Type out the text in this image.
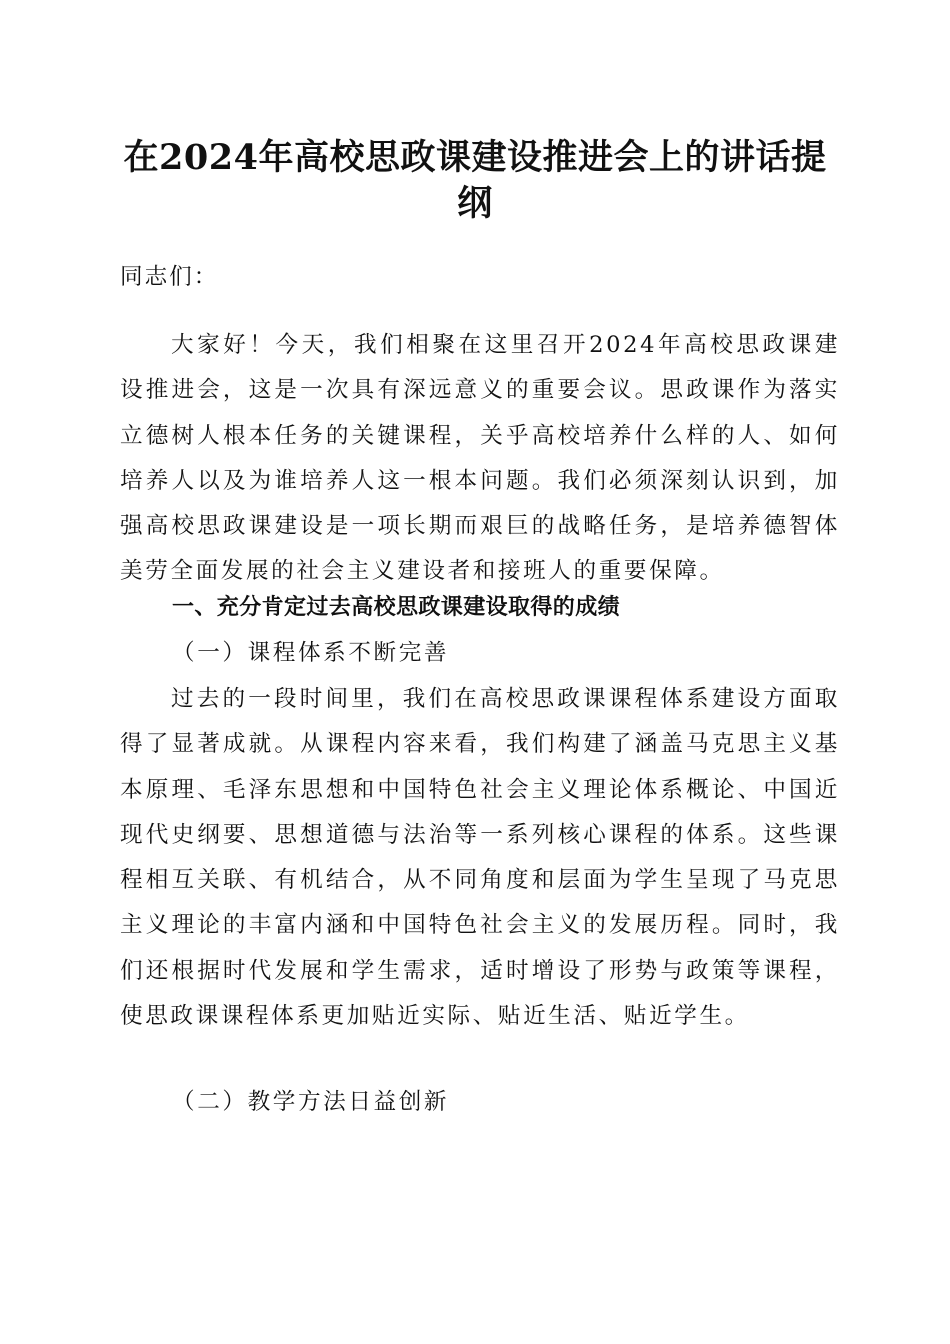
在2024年高校思政课建设推进会上的讲话提纲

同志们：

大家好！今天，我们相聚在这里召开2024年高校思政课建设推进会，这是一次具有深远意义的重要会议。思政课作为落实立德树人根本任务的关键课程，关乎高校培养什么样的人、如何培养人以及为谁培养人这一根本问题。我们必须深刻认识到，加强高校思政课建设是一项长期而艰巨的战略任务，是培养德智体美劳全面发展的社会主义建设者和接班人的重要保障。

一、充分肯定过去高校思政课建设取得的成绩
（一）课程体系不断完善

过去的一段时间里，我们在高校思政课课程体系建设方面取得了显著成就。从课程内容来看，我们构建了涵盖马克思主义基本原理、毛泽东思想和中国特色社会主义理论体系概论、中国近现代史纲要、思想道德与法治等一系列核心课程的体系。这些课程相互关联、有机结合，从不同角度和层面为学生呈现了马克思主义理论的丰富内涵和中国特色社会主义的发展历程。同时，我们还根据时代发展和学生需求，适时增设了形势与政策等课程，使思政课课程体系更加贴近实际、贴近生活、贴近学生。

（二）教学方法日益创新
